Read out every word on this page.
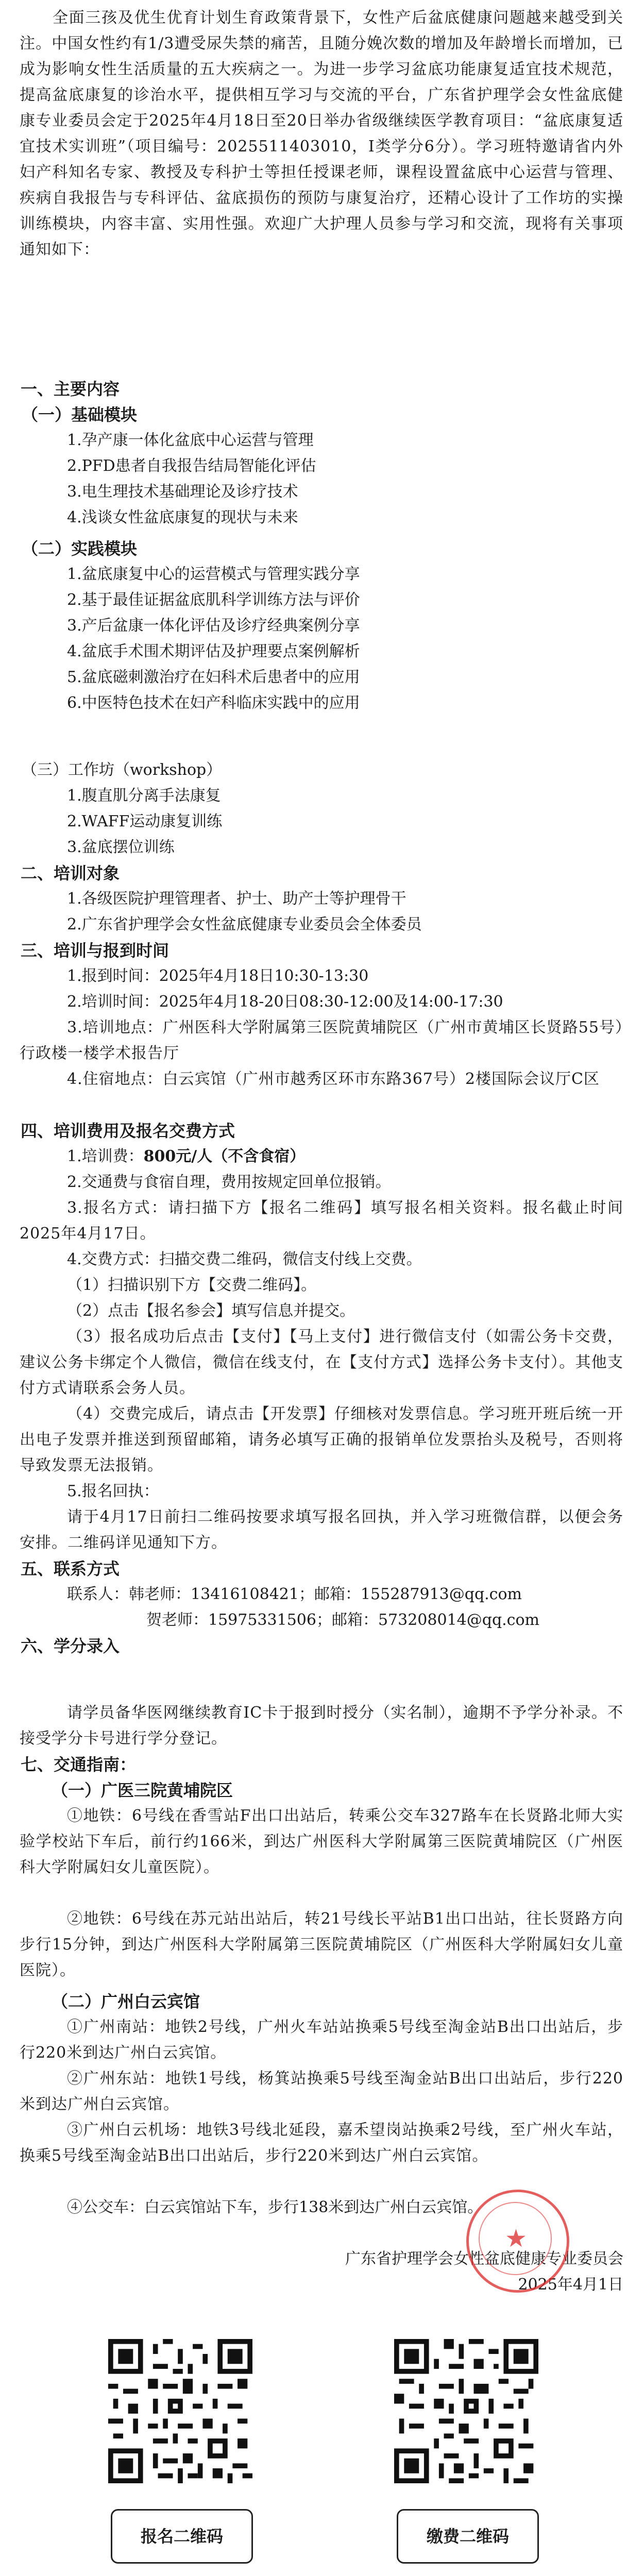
全面三孩及优生优育计划生育政策背景下，女性产后盆底健康问题越来越受到关注。中国女性约有1/3遭受尿失禁的痛苦，且随分娩次数的增加及年龄增长而增加，已成为影响女性生活质量的五大疾病之一。为进一步学习盆底功能康复适宜技术规范，提高盆底康复的诊治水平，提供相互学习与交流的平台，广东省护理学会女性盆底健康专业委员会定于2025年4月18日至20日举办省级继续医学教育项目：“盆底康复适宜技术实训班”（项目编号：2025511403010，Ⅰ类学分6分）。学习班特邀请省内外妇产科知名专家、教授及专科护士等担任授课老师，课程设置盆底中心运营与管理、疾病自我报告与专科评估、盆底损伤的预防与康复治疗，还精心设计了工作坊的实操训练模块，内容丰富、实用性强。欢迎广大护理人员参与学习和交流，现将有关事项通知如下：
一、主要内容
（一）基础模块
1.孕产康一体化盆底中心运营与管理
2.PFD患者自我报告结局智能化评估
3.电生理技术基础理论及诊疗技术
4.浅谈女性盆底康复的现状与未来
（二）实践模块
1.盆底康复中心的运营模式与管理实践分享
2.基于最佳证据盆底肌科学训练方法与评价
3.产后盆康一体化评估及诊疗经典案例分享
4.盆底手术围术期评估及护理要点案例解析
5.盆底磁刺激治疗在妇科术后患者中的应用
6.中医特色技术在妇产科临床实践中的应用
（三）工作坊（workshop）
1.腹直肌分离手法康复
2.WAFF运动康复训练
3.盆底摆位训练
二、培训对象
1.各级医院护理管理者、护士、助产士等护理骨干
2.广东省护理学会女性盆底健康专业委员会全体委员
三、培训与报到时间
1.报到时间：2025年4月18日10:30-13:30
2.培训时间：2025年4月18-20日08:30-12:00及14:00-17:30
3.培训地点：广州医科大学附属第三医院黄埔院区（广州市黄埔区长贤路55号）行政楼一楼学术报告厅
4.住宿地点：白云宾馆（广州市越秀区环市东路367号）2楼国际会议厅C区
四、培训费用及报名交费方式
1.培训费：800元/人（不含食宿）
2.交通费与食宿自理，费用按规定回单位报销。
3.报名方式：请扫描下方【报名二维码】填写报名相关资料。报名截止时间2025年4月17日。
4.交费方式：扫描交费二维码，微信支付线上交费。
（1）扫描识别下方【交费二维码】。
（2）点击【报名参会】填写信息并提交。
（3）报名成功后点击【支付】【马上支付】进行微信支付（如需公务卡交费，建议公务卡绑定个人微信，微信在线支付，在【支付方式】选择公务卡支付）。其他支付方式请联系会务人员。
（4）交费完成后，请点击【开发票】仔细核对发票信息。学习班开班后统一开出电子发票并推送到预留邮箱，请务必填写正确的报销单位发票抬头及税号，否则将导致发票无法报销。
5.报名回执：
请于4月17日前扫二维码按要求填写报名回执，并入学习班微信群，以便会务安排。二维码详见通知下方。
五、联系方式
联系人：韩老师：13416108421；邮箱：155287913@qq.com
贺老师：15975331506；邮箱：573208014@qq.com
六、学分录入
请学员备华医网继续教育IC卡于报到时授分（实名制），逾期不予学分补录。不接受学分卡号进行学分登记。
七、交通指南：
（一）广医三院黄埔院区
①地铁：6号线在香雪站F出口出站后，转乘公交车327路车在长贤路北师大实验学校站下车后，前行约166米，到达广州医科大学附属第三医院黄埔院区（广州医科大学附属妇女儿童医院）。
②地铁：6号线在苏元站出站后，转21号线长平站B1出口出站，往长贤路方向步行15分钟，到达广州医科大学附属第三医院黄埔院区（广州医科大学附属妇女儿童医院）。
（二）广州白云宾馆
①广州南站：地铁2号线，广州火车站站换乘5号线至淘金站B出口出站后，步行220米到达广州白云宾馆。
②广州东站：地铁1号线，杨箕站换乘5号线至淘金站B出口出站后，步行220米到达广州白云宾馆。
③广州白云机场：地铁3号线北延段，嘉禾望岗站换乘2号线，至广州火车站，换乘5号线至淘金站B出口出站后，步行220米到达广州白云宾馆。
④公交车：白云宾馆站下车，步行138米到达广州白云宾馆。
广东省护理学会女性盆底健康专业委员会
2025年4月1日
★
报名二维码	缴费二维码
